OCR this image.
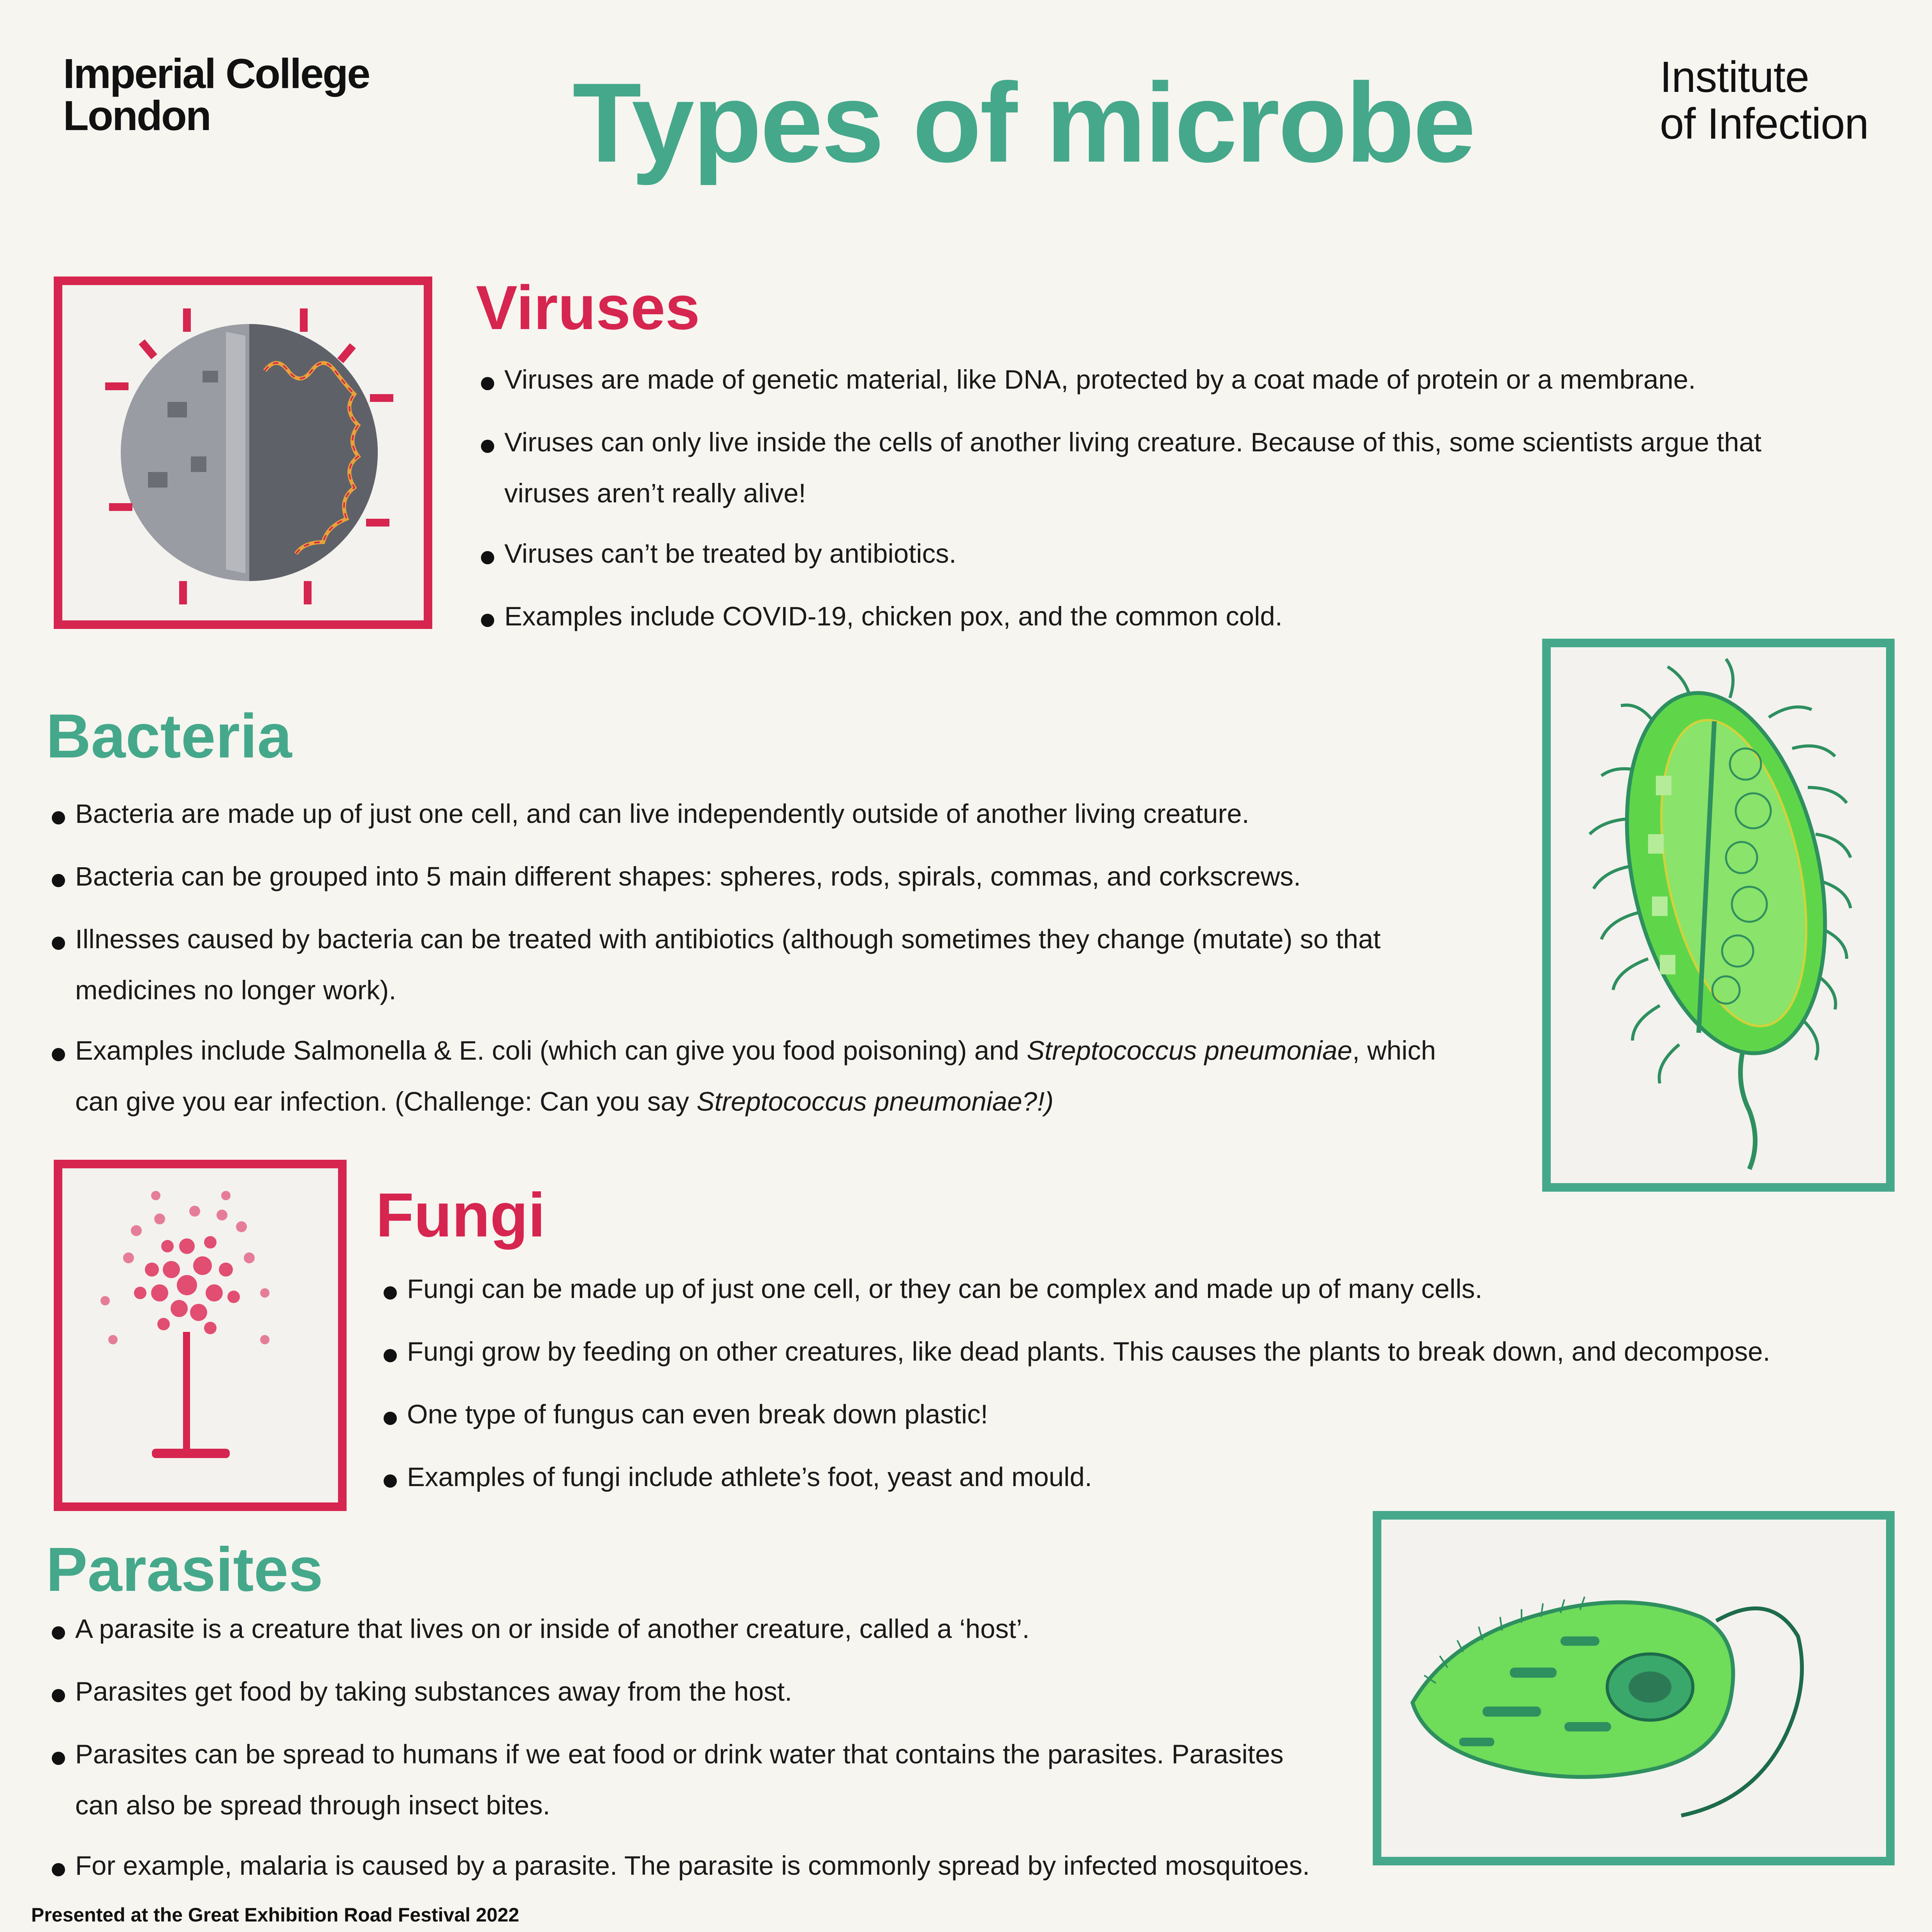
Imperial College
London	Types of microbe	Institute
of Infection
Viruses
Viruses are made of genetic material, like DNA, protected by a coat made of protein or a membrane.
Viruses can only live inside the cells of another living creature. Because of this, some scientists argue that
viruses aren’t really alive!
Viruses can’t be treated by antibiotics.
Examples include COVID-19, chicken pox, and the common cold.
Bacteria
Bacteria are made up of just one cell, and can live independently outside of another living creature.
Bacteria can be grouped into 5 main different shapes: spheres, rods, spirals, commas, and corkscrews.
Illnesses caused by bacteria can be treated with antibiotics (although sometimes they change (mutate) so that
medicines no longer work).
Examples include Salmonella & E. coli (which can give you food poisoning) and Streptococcus pneumoniae, which
can give you ear infection. (Challenge: Can you say Streptococcus pneumoniae?!)
Fungi
Fungi can be made up of just one cell, or they can be complex and made up of many cells.
Fungi grow by feeding on other creatures, like dead plants. This causes the plants to break down, and decompose.
One type of fungus can even break down plastic!
Examples of fungi include athlete’s foot, yeast and mould.
Parasites
A parasite is a creature that lives on or inside of another creature, called a ‘host’.
Parasites get food by taking substances away from the host.
Parasites can be spread to humans if we eat food or drink water that contains the parasites. Parasites
can also be spread through insect bites.
For example, malaria is caused by a parasite. The parasite is commonly spread by infected mosquitoes.
Presented at the Great Exhibition Road Festival 2022
